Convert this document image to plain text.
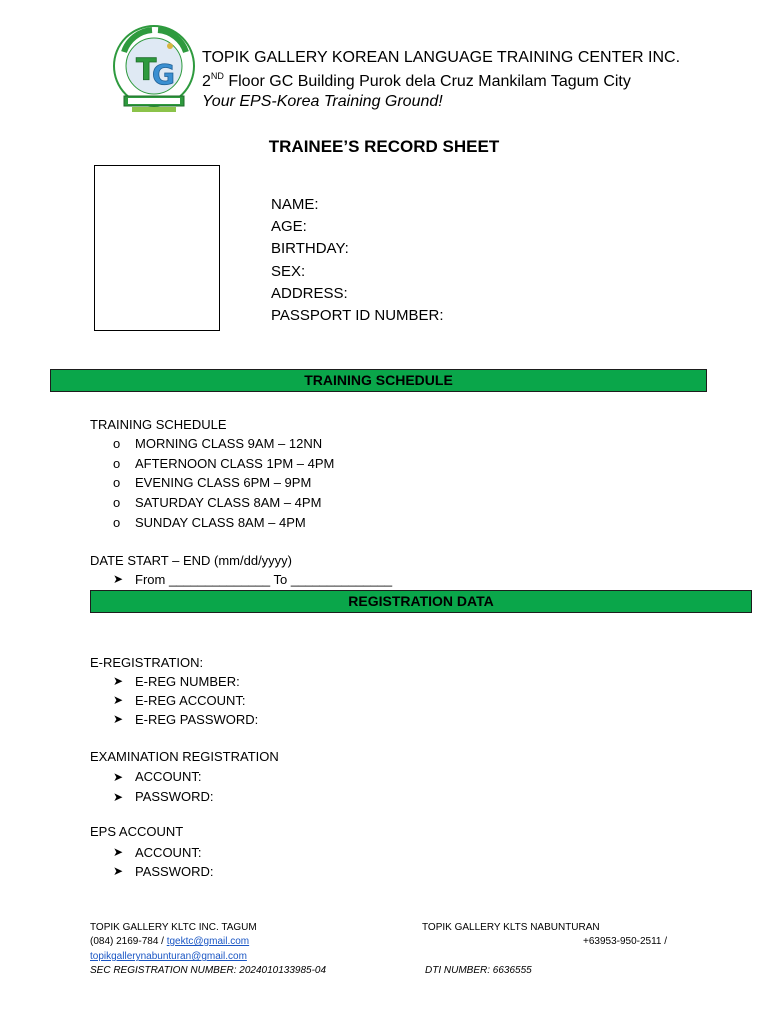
T
G
TOPIK GALLERY KOREAN LANGUAGE TRAINING CENTER INC.
2ND Floor GC Building Purok dela Cruz Mankilam Tagum City
Your EPS-Korea Training Ground!
TRAINEE’S RECORD SHEET
NAME:
AGE:
BIRTHDAY:
SEX:
ADDRESS:
PASSPORT ID NUMBER:
TRAINING SCHEDULE
TRAINING SCHEDULE
o MORNING CLASS 9AM – 12NN
o AFTERNOON CLASS 1PM – 4PM
o EVENING CLASS 6PM – 9PM
o SATURDAY CLASS 8AM – 4PM
o SUNDAY CLASS 8AM – 4PM
DATE START – END (mm/dd/yyyy)
➤ From ______________ To ______________
REGISTRATION DATA
E-REGISTRATION:
➤ E-REG NUMBER:
➤ E-REG ACCOUNT:
➤ E-REG PASSWORD:
EXAMINATION REGISTRATION
➤ ACCOUNT:
➤ PASSWORD:
EPS ACCOUNT
➤ ACCOUNT:
➤ PASSWORD:
TOPIK GALLERY KLTC INC. TAGUM
(084) 2169-784 / tgektc@gmail.com
topikgallerynabunturan@gmail.com
SEC REGISTRATION NUMBER: 2024010133985-04
TOPIK GALLERY KLTS NABUNTURAN
+63953-950-2511 /
DTI NUMBER: 6636555
